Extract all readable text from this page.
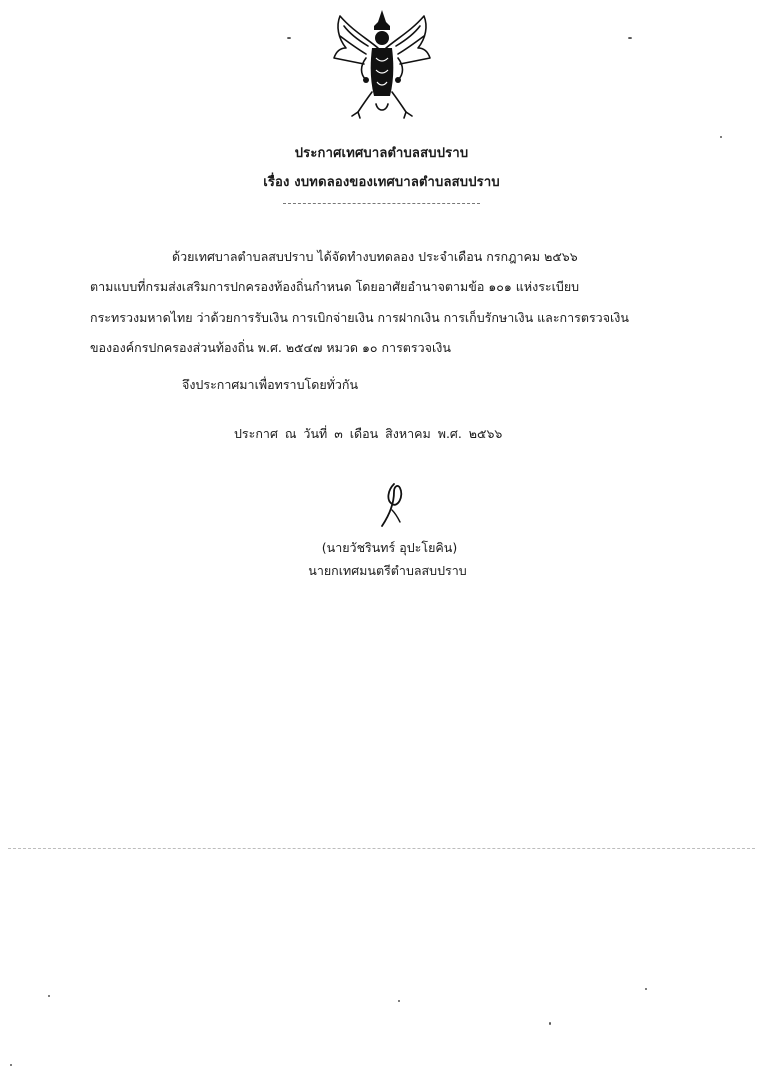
ประกาศเทศบาลตำบลสบปราบ
เรื่อง งบทดลองของเทศบาลตำบลสบปราบ
ด้วยเทศบาลตำบลสบปราบ ได้จัดทำงบทดลอง ประจำเดือน กรกฎาคม ๒๕๖๖
ตามแบบที่กรมส่งเสริมการปกครองท้องถิ่นกำหนด โดยอาศัยอำนาจตามข้อ ๑๐๑ แห่งระเบียบ
กระทรวงมหาดไทย ว่าด้วยการรับเงิน การเบิกจ่ายเงิน การฝากเงิน การเก็บรักษาเงิน และการตรวจเงิน
ขององค์กรปกครองส่วนท้องถิ่น พ.ศ. ๒๕๔๗ หมวด ๑๐ การตรวจเงิน
จึงประกาศมาเพื่อทราบโดยทั่วกัน
ประกาศ ณ วันที่ ๓ เดือน สิงหาคม พ.ศ. ๒๕๖๖
(นายวัชรินทร์ อุปะโยคิน)
นายกเทศมนตรีตำบลสบปราบ
